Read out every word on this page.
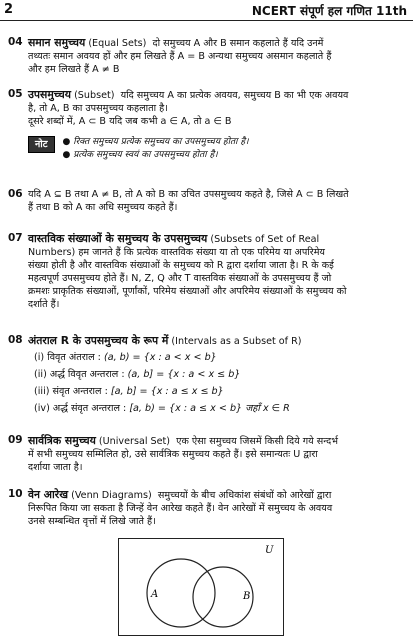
2	NCERT संपूर्ण हल गणित 11th
04 समान समुच्चय (Equal Sets) दो समुच्चय A और B समान कहलाते हैं यदि उनमें
तथ्यतः समान अवयव हों और हम लिखते हैं A = B अन्यथा समुच्चय असमान कहलाते हैं
और हम लिखते हैं A ≠ B
05 उपसमुच्चय (Subset) यदि समुच्चय A का प्रत्येक अवयव, समुच्चय B का भी एक अवयव
है, तो A, B का उपसमुच्चय कहलाता है।
दूसरे शब्दों में, A ⊂ B यदि जब कभी a ∈ A, तो a ∈ B
नोट	● रिक्त समुच्चय प्रत्येक समुच्चय का उपसमुच्चय होता है।
● प्रत्येक समुच्चय स्वयं का उपसमुच्चय होता है।
06 यदि A ⊆ B तथा A ≠ B, तो A को B का उचित उपसमुच्चय कहते है, जिसे A ⊂ B लिखते
हैं तथा B को A का अधि समुच्चय कहते हैं।
07 वास्तविक संख्याओं के समुच्चय के उपसमुच्चय (Subsets of Set of Real
Numbers) हम जानते हैं कि प्रत्येक वास्तविक संख्या या तो एक परिमेय या अपरिमेय
संख्या होती है और वास्तविक संख्याओं के समुच्चय को R द्वारा दर्शाया जाता है। R के कई
महत्वपूर्ण उपसमुच्चय होते हैं। N, Z, Q और T वास्तविक संख्याओं के उपसमुच्चय हैं जो
क्रमशः प्राकृतिक संख्याओं, पूर्णांकों, परिमेय संख्याओं और अपरिमेय संख्याओं के समुच्चय को
दर्शाते हैं।
08 अंतराल R के उपसमुच्चय के रूप में (Intervals as a Subset of R)
(i) विवृत अंतराल : (a, b) = {x : a < x < b}
(ii) अर्द्ध विवृत अन्तराल : (a, b] = {x : a < x ≤ b}
(iii) संवृत अन्तराल : [a, b] = {x : a ≤ x ≤ b}
(iv) अर्द्ध संवृत अन्तराल : [a, b) = {x : a ≤ x < b} जहाँ x ∈ R
09 सार्वत्रिक समुच्चय (Universal Set) एक ऐसा समुच्चय जिसमें किसी दिये गये सन्दर्भ
में सभी समुच्चय सम्मिलित हो, उसे सार्वत्रिक समुच्चय कहते हैं। इसे समान्यतः U द्वारा
दर्शाया जाता है।
10 वेन आरेख (Venn Diagrams) समुच्चयों के बीच अधिकांश संबंधों को आरेखों द्वारा
निरूपित किया जा सकता है जिन्हें वेन आरेख कहते हैं। वेन आरेखों में समुच्चय के अवयव
उनसे सम्बन्धित वृत्तों में लिखे जाते हैं।
U
A	B
